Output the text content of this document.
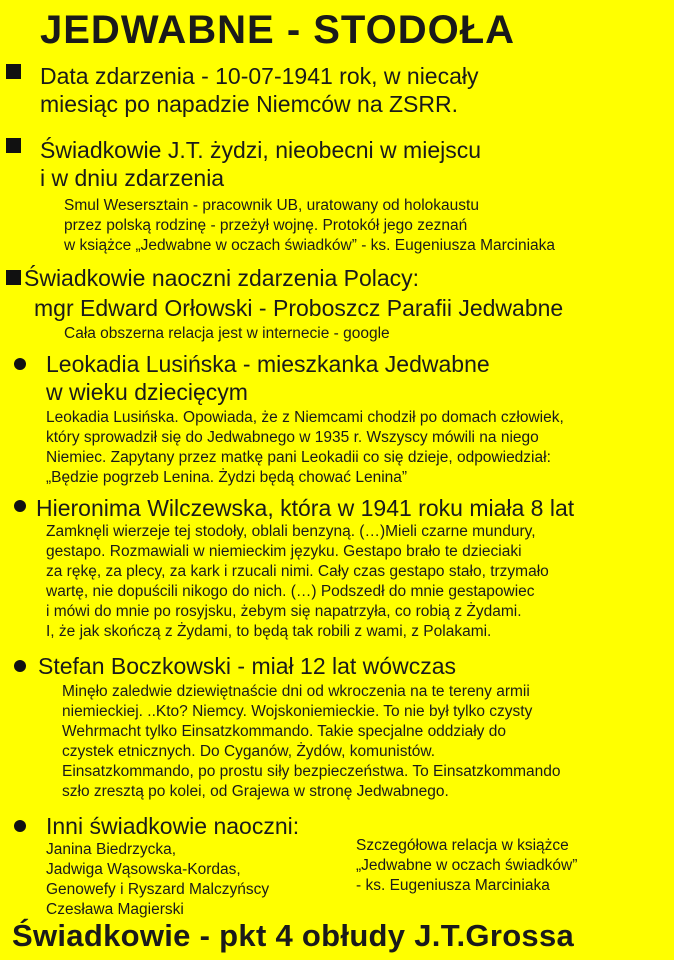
JEDWABNE - STODOŁA
Data zdarzenia - 10-07-1941 rok, w niecały
miesiąc po napadzie Niemców na ZSRR.
Świadkowie J.T. żydzi, nieobecni w miejscu
i w dniu zdarzenia
Smul Wesersztain - pracownik UB, uratowany od holokaustu
przez polską rodzinę - przeżył wojnę. Protokół jego zeznań
w książce „Jedwabne w oczach świadków” - ks. Eugeniusza Marciniaka
Świadkowie naoczni zdarzenia Polacy:
mgr Edward Orłowski - Proboszcz Parafii Jedwabne
Cała obszerna relacja jest w internecie - google
Leokadia Lusińska - mieszkanka Jedwabne
w wieku dziecięcym
Leokadia Lusińska. Opowiada, że z Niemcami chodził po domach człowiek,
który sprowadził się do Jedwabnego w 1935 r. Wszyscy mówili na niego
Niemiec. Zapytany przez matkę pani Leokadii co się dzieje, odpowiedział:
„Będzie pogrzeb Lenina. Żydzi będą chować Lenina”
Hieronima Wilczewska, która w 1941 roku miała 8 lat
Zamknęli wierzeje tej stodoły, oblali benzyną. (…)Mieli czarne mundury,
gestapo. Rozmawiali w niemieckim języku. Gestapo brało te dzieciaki
za rękę, za plecy, za kark i rzucali nimi. Cały czas gestapo stało, trzymało
wartę, nie dopuścili nikogo do nich. (…) Podszedł do mnie gestapowiec
i mówi do mnie po rosyjsku, żebym się napatrzyła, co robią z Żydami.
I, że jak skończą z Żydami, to będą tak robili z wami, z Polakami.
Stefan Boczkowski - miał 12 lat wówczas
Minęło zaledwie dziewiętnaście dni od wkroczenia na te tereny armii
niemieckiej. ..Kto? Niemcy. Wojskoniemieckie. To nie był tylko czysty
Wehrmacht tylko Einsatzkommando. Takie specjalne oddziały do
czystek etnicznych. Do Cyganów, Żydów, komunistów.
Einsatzkommando, po prostu siły bezpieczeństwa. To Einsatzkommando
szło zresztą po kolei, od Grajewa w stronę Jedwabnego.
Inni świadkowie naoczni:
Janina Biedrzycka,
Jadwiga Wąsowska-Kordas,
Genowefy i Ryszard Malczyńscy
Czesława Magierski
Szczegółowa relacja w książce
„Jedwabne w oczach świadków”
- ks. Eugeniusza Marciniaka
Świadkowie - pkt 4 obłudy J.T.Grossa
